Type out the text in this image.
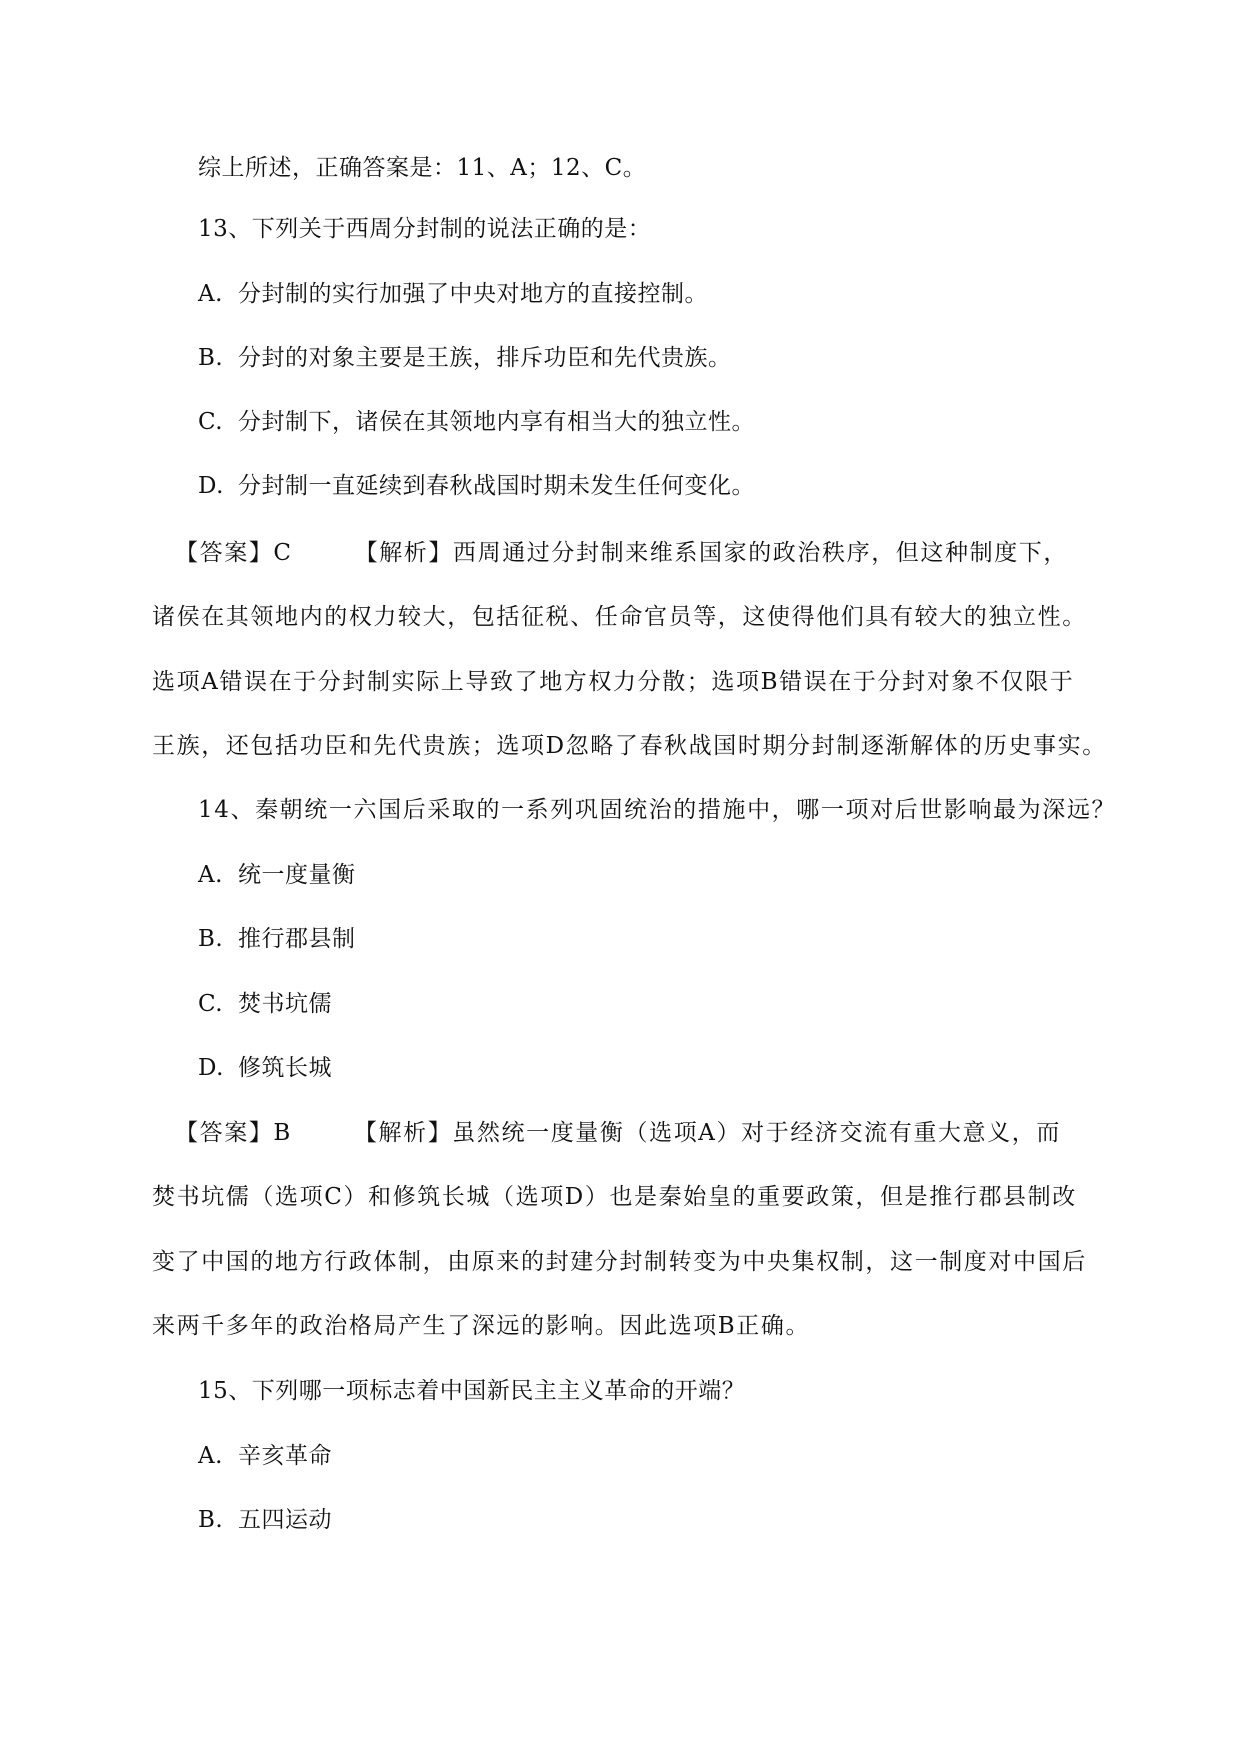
综上所述，正确答案是：11、A；12、C。
13、下列关于西周分封制的说法正确的是：
A. 分封制的实行加强了中央对地方的直接控制。
B. 分封的对象主要是王族，排斥功臣和先代贵族。
C. 分封制下，诸侯在其领地内享有相当大的独立性。
D. 分封制一直延续到春秋战国时期未发生任何变化。
【答案】C	【解析】西周通过分封制来维系国家的政治秩序，但这种制度下，
诸侯在其领地内的权力较大，包括征税、任命官员等，这使得他们具有较大的独立性。
选项A错误在于分封制实际上导致了地方权力分散；选项B错误在于分封对象不仅限于
王族，还包括功臣和先代贵族；选项D忽略了春秋战国时期分封制逐渐解体的历史事实。
14、秦朝统一六国后采取的一系列巩固统治的措施中，哪一项对后世影响最为深远？
A. 统一度量衡
B. 推行郡县制
C. 焚书坑儒
D. 修筑长城
【答案】B	【解析】虽然统一度量衡（选项A）对于经济交流有重大意义，而
焚书坑儒（选项C）和修筑长城（选项D）也是秦始皇的重要政策，但是推行郡县制改
变了中国的地方行政体制，由原来的封建分封制转变为中央集权制，这一制度对中国后
来两千多年的政治格局产生了深远的影响。因此选项B正确。
15、下列哪一项标志着中国新民主主义革命的开端？
A. 辛亥革命
B. 五四运动
